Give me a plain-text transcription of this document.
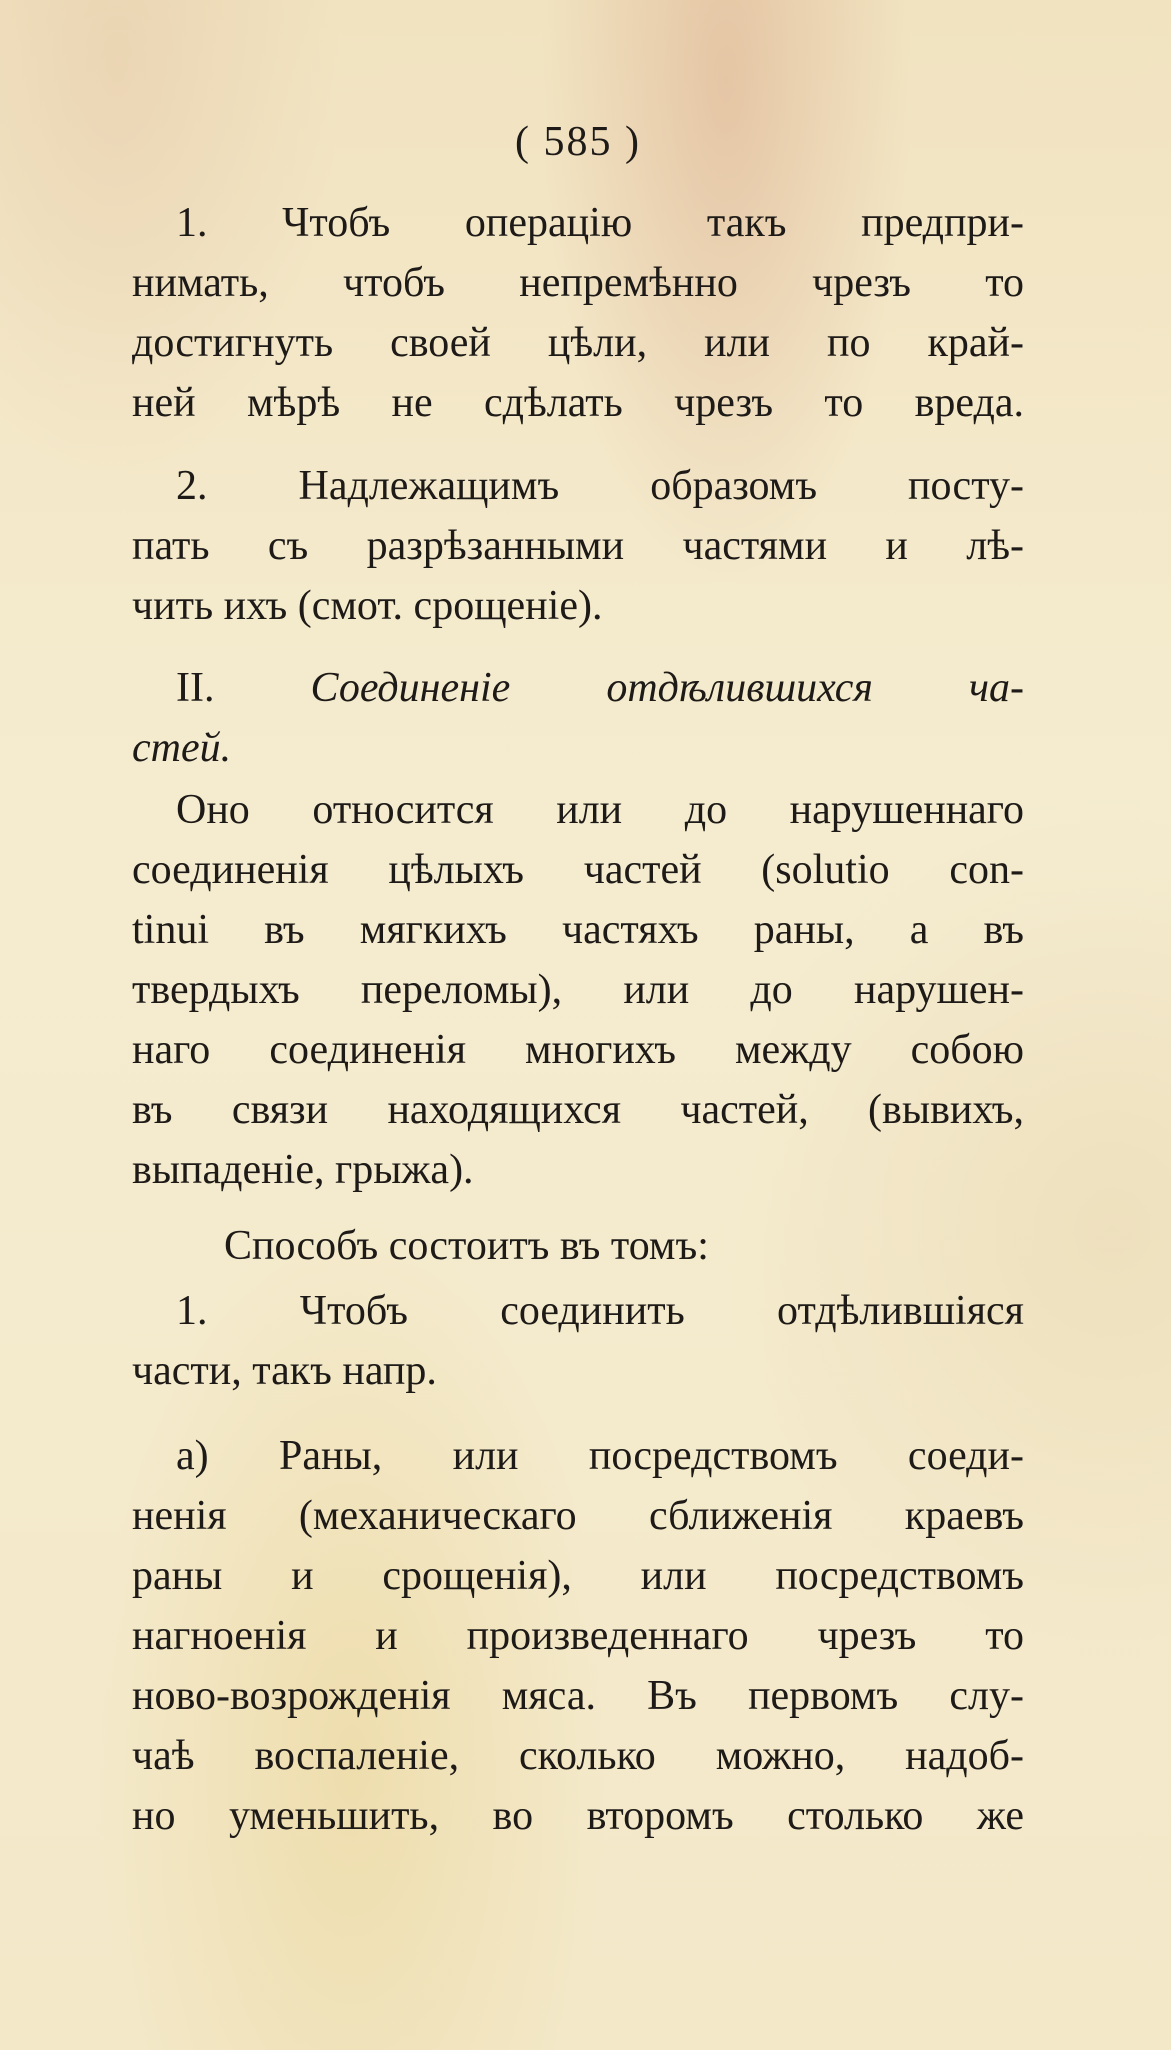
( 585 )
1. Чтобъ операцію такъ предпри-
нимать, чтобъ непремѣнно чрезъ то
достигнуть своей цѣли, или по край-
ней мѣрѣ не сдѣлать чрезъ то вреда.
2. Надлежащимъ образомъ посту-
пать съ разрѣзанными частями и лѣ-
чить ихъ (смот. срощеніе).
II. Соединеніе отдѣлившихся ча-
стей.
Оно относится или до нарушеннаго
соединенія цѣлыхъ частей (solutio con-
tinui въ мягкихъ частяхъ раны, а въ
твердыхъ переломы), или до нарушен-
наго соединенія многихъ между собою
въ связи находящихся частей, (вывихъ,
выпаденіе, грыжа).
Способъ состоитъ въ томъ:
1. Чтобъ соединить отдѣлившіяся
части, такъ напр.
а) Раны, или посредствомъ соеди-
ненія (механическаго сближенія краевъ
раны и срощенія), или посредствомъ
нагноенія и произведеннаго чрезъ то
ново-возрожденія мяса. Въ первомъ слу-
чаѣ воспаленіе, сколько можно, надоб-
но уменьшить, во второмъ столько же
